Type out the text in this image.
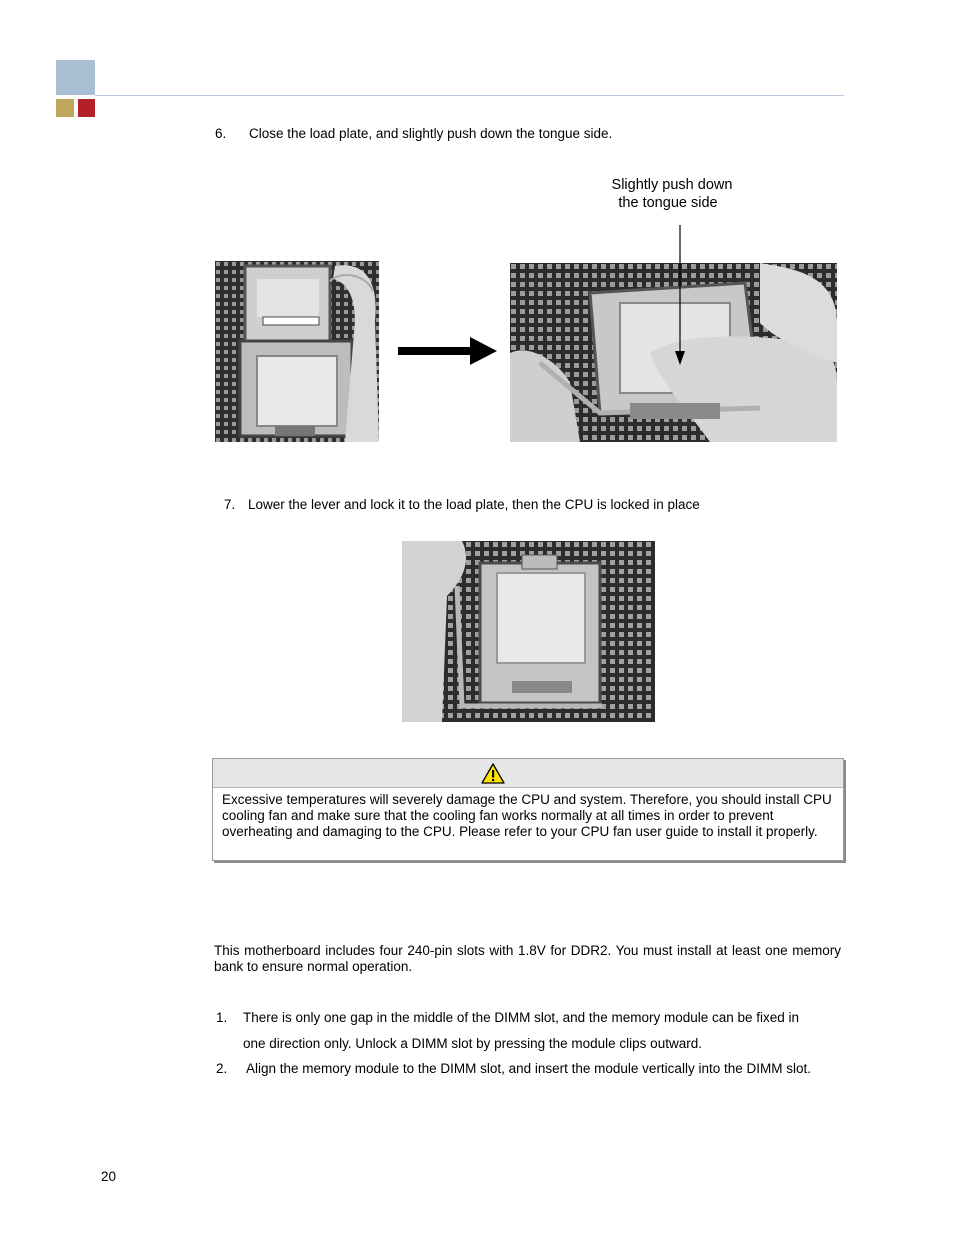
6. Close the load plate, and slightly push down the tongue side.
Slightly push down
the tongue side
7. Lower the lever and lock it to the load plate, then the CPU is locked in place
Excessive temperatures will severely damage the CPU and system. Therefore, you should install CPU cooling fan and make sure that the cooling fan works normally at all times in order to prevent overheating and damaging to the CPU. Please refer to your CPU fan user guide to install it properly.
This motherboard includes four 240-pin slots with 1.8V for DDR2. You must install at least one memory bank to ensure normal operation.
1. There is only one gap in the middle of the DIMM slot, and the memory module can be fixed in
one direction only. Unlock a DIMM slot by pressing the module clips outward.
2. Align the memory module to the DIMM slot, and insert the module vertically into the DIMM slot.
20
